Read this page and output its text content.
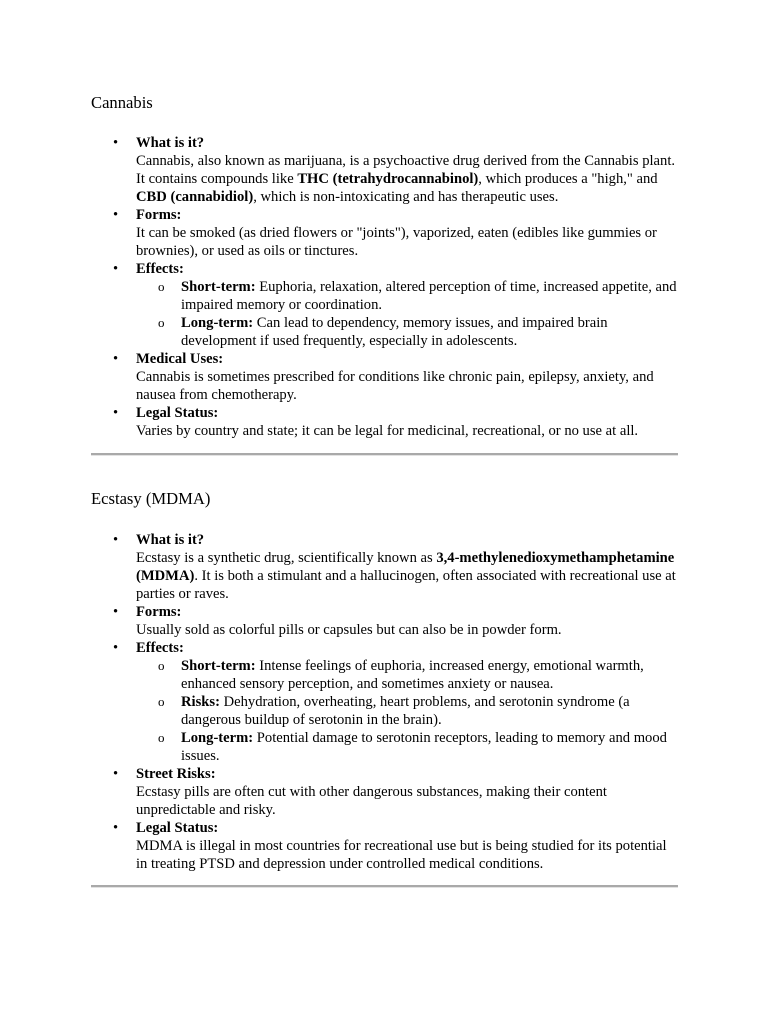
Cannabis
• What is it?
Cannabis, also known as marijuana, is a psychoactive drug derived from the Cannabis plant. It contains compounds like THC (tetrahydrocannabinol), which produces a "high," and CBD (cannabidiol), which is non-intoxicating and has therapeutic uses.
• Forms:
It can be smoked (as dried flowers or "joints"), vaporized, eaten (edibles like gummies or brownies), or used as oils or tinctures.
• Effects:
o Short-term: Euphoria, relaxation, altered perception of time, increased appetite, and impaired memory or coordination.
o Long-term: Can lead to dependency, memory issues, and impaired brain development if used frequently, especially in adolescents.
• Medical Uses:
Cannabis is sometimes prescribed for conditions like chronic pain, epilepsy, anxiety, and nausea from chemotherapy.
• Legal Status:
Varies by country and state; it can be legal for medicinal, recreational, or no use at all.
Ecstasy (MDMA)
• What is it?
Ecstasy is a synthetic drug, scientifically known as 3,4-methylenedioxymethamphetamine (MDMA). It is both a stimulant and a hallucinogen, often associated with recreational use at parties or raves.
• Forms:
Usually sold as colorful pills or capsules but can also be in powder form.
• Effects:
o Short-term: Intense feelings of euphoria, increased energy, emotional warmth, enhanced sensory perception, and sometimes anxiety or nausea.
o Risks: Dehydration, overheating, heart problems, and serotonin syndrome (a dangerous buildup of serotonin in the brain).
o Long-term: Potential damage to serotonin receptors, leading to memory and mood issues.
• Street Risks:
Ecstasy pills are often cut with other dangerous substances, making their content unpredictable and risky.
• Legal Status:
MDMA is illegal in most countries for recreational use but is being studied for its potential in treating PTSD and depression under controlled medical conditions.
